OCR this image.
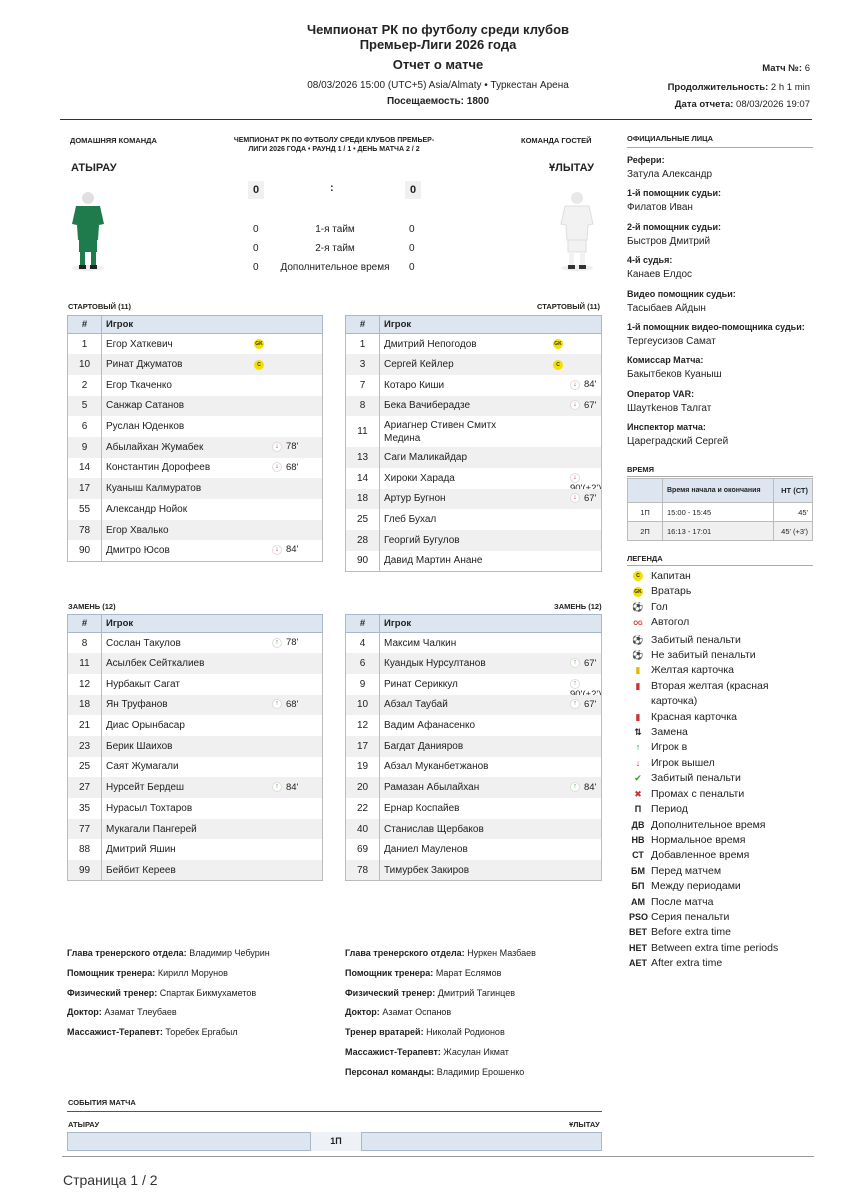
Чемпионат РК по футболу среди клубов
Премьер-Лиги 2026 года
Отчет о матче
08/03/2026 15:00 (UTC+5) Asia/Almaty • Туркестан Арена
Посещаемость: 1800
Матч №: 6
Продолжительность: 2 h 1 min
Дата отчета: 08/03/2026 19:07
ДОМАШНЯЯ КОМАНДА	КОМАНДА ГОСТЕЙ
ЧЕМПИОНАТ РК ПО ФУТБОЛУ СРЕДИ КЛУБОВ ПРЕМЬЕР-ЛИГИ 2026 ГОДА • РАУНД 1 / 1 • ДЕНЬ МАТЧА 2 / 2
АТЫРАУ	ҰЛЫТАУ
0	:	0
0	1-я тайм	0
0	2-я тайм	0
0	Дополнительное время	0
СТАРТОВЫЙ (11)	СТАРТОВЫЙ (11)
#	Игрок
1	Егор Хаткевич GK

10	Ринат Джуматов C

2	Егор Ткаченко
5	Санжар Сатанов
6	Руслан Юденков
9	Абылайхан Жумабек ↓ 78'

14	Константин Дорофеев ↓ 68'

17	Куаныш Калмуратов
55	Александр Нойок
78	Егор Хвалько
90	Дмитро Юсов ↓ 84'
#	Игрок
1	Дмитрий Непогодов GK

3	Сергей Кейлер C

7	Котаро Киши ↓ 84'

8	Бека Вачиберадзе ↓ 67'

11	Ариагнер Стивен Смитх Медина
13	Саги Маликайдар
14	Хироки Харада ↓

18	Артур Бугнон ↓ 67'

25	Глеб Бухал
28	Георгий Бугулов
90	Давид Мартин Анане
ЗАМЕНЬ (12)	ЗАМЕНЬ (12)
#	Игрок
8	Сослан Такулов ↑ 78'

11	Асылбек Сейткалиев
12	Нурбакыт Сагат
18	Ян Труфанов ↑ 68'

21	Диас Орынбасар
23	Берик Шаихов
25	Саят Жумагали
27	Нурсейт Бердеш ↑ 84'

35	Нурасыл Тохтаров
77	Мукагали Пангерей
88	Дмитрий Яшин
99	Бейбит Кереев
#	Игрок
4	Максим Чалкин
6	Куандык Нурсултанов ↑ 67'

9	Ринат Сериккул ↑

10	Абзал Таубай ↑ 67'

12	Вадим Афанасенко
17	Багдат Данияров
19	Абзал Муканбетжанов
20	Рамазан Абылайхан ↑ 84'

22	Ернар Коспайев
40	Станислав Щербаков
69	Даниел Мауленов
78	Тимурбек Закиров
Глава тренерского отдела: Владимир Чебурин
Помощник тренера: Кирилл Морунов
Физический тренер: Спартак Бикмухаметов
Доктор: Азамат Тлеубаев
Массажист-Терапевт: Торебек Ергабыл
Глава тренерского отдела: Нуркен Мазбаев
Помощник тренера: Марат Еслямов
Физический тренер: Дмитрий Тагинцев
Доктор: Азамат Оспанов
Тренер вратарей: Николай Родионов
Массажист-Терапевт: Жасулан Икмат
Персонал команды: Владимир Ерошенко
СОБЫТИЯ МАТЧА
АТЫРАУ	ҰЛЫТАУ
1П
Страница 1 / 2
ОФИЦИАЛЬНЫЕ ЛИЦА
Рефери:
Затула Александр
1-й помощник судьи:
Филатов Иван
2-й помощник судьи:
Быстров Дмитрий
4-й судья:
Канаев Елдос
Видео помощник судьи:
Тасыбаев Айдын
1-й помощник видео-помощника судьи:
Тергеусизов Самат
Комиссар Матча:
Бакытбеков Куаныш
Оператор VAR:
Шаутkенов Талгат
Инспектор матча:
Царегрaдский Сергей
ВРЕМЯ
	Время начала и окончания	НТ (СТ)
1П	15:00 - 15:45	45'
2П	16:13 - 17:01	45' (+3')
ЛЕГЕНДА
C Капитан
GK Вратарь
⚽ Гол
OG Автогол
⚽ Забитый пенальти
⚽ Не забитый пенальти
▮ Желтая карточка
▮ Вторая желтая (красная карточка)
▮ Красная карточка
⇅ Замена
↑ Игрок в
↓ Игрок вышел
✔ Забитый пенальти
✖ Промах с пенальти
П Период
ДВ Дополнительное время
НВ Нормальное время
СТ Добавленное время
БМ Перед матчем
БП Между периодами
АМ После матча
PSO Серия пенальти
BET Before extra time
НЕТ Between extra time periods
AET After extra time
